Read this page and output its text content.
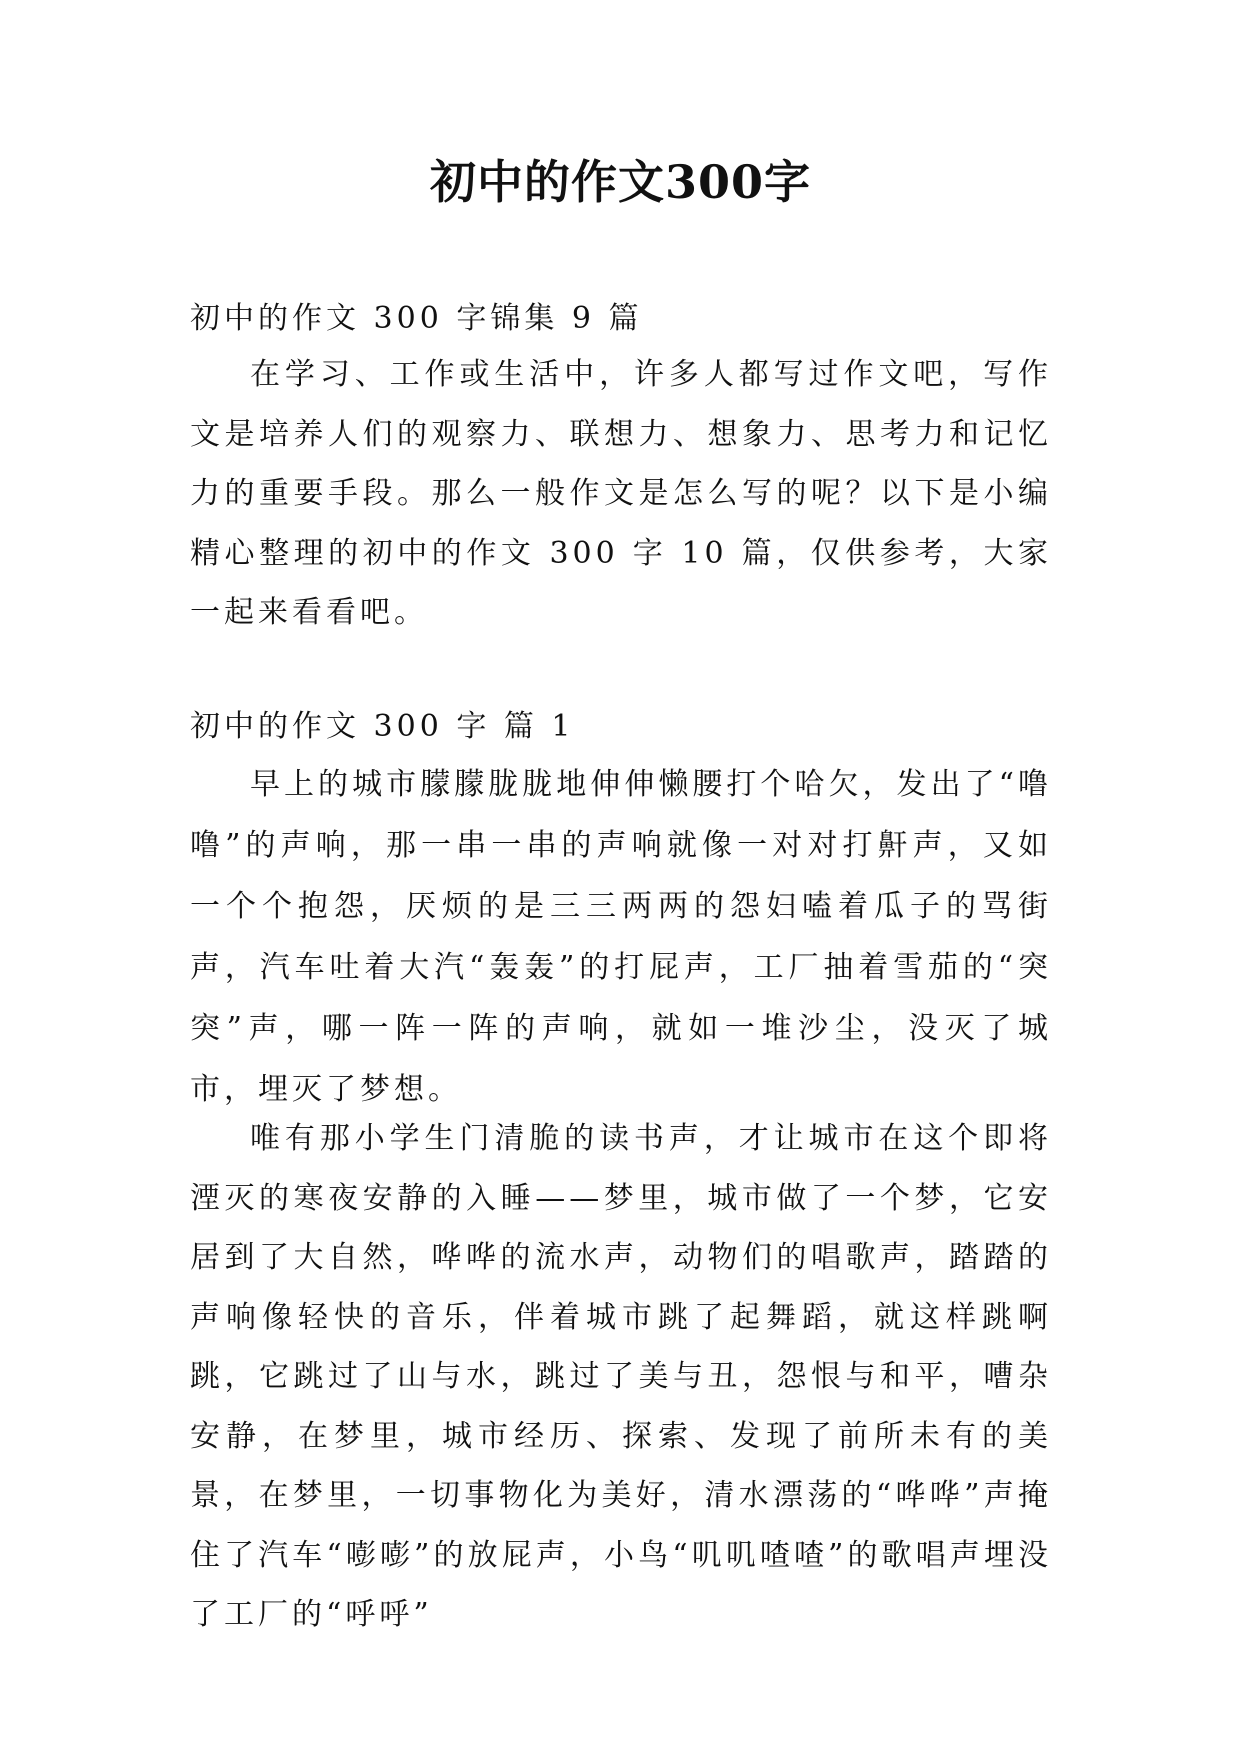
初中的作文300字

初中的作文 300 字锦集 9 篇

在学习、工作或生活中，许多人都写过作文吧，写作文是培养人们的观察力、联想力、想象力、思考力和记忆力的重要手段。那么一般作文是怎么写的呢？以下是小编精心整理的初中的作文 300 字 10 篇，仅供参考，大家一起来看看吧。

初中的作文 300 字 篇 1

早上的城市朦朦胧胧地伸伸懒腰打个哈欠，发出了“噜噜”的声响，那一串一串的声响就像一对对打鼾声，又如一个个抱怨，厌烦的是三三两两的怨妇嗑着瓜子的骂街声，汽车吐着大汽“轰轰”的打屁声，工厂抽着雪茄的“突突”声，哪一阵一阵的声响，就如一堆沙尘，没灭了城市，埋灭了梦想。

唯有那小学生门清脆的读书声，才让城市在这个即将湮灭的寒夜安静的入睡——梦里，城市做了一个梦，它安居到了大自然，哗哗的流水声，动物们的唱歌声，踏踏的声响像轻快的音乐，伴着城市跳了起舞蹈，就这样跳啊跳，它跳过了山与水，跳过了美与丑，怨恨与和平，嘈杂安静，在梦里，城市经历、探索、发现了前所未有的美景，在梦里，一切事物化为美好，清水漂荡的“哗哗”声掩住了汽车“嘭嘭”的放屁声，小鸟“叽叽喳喳”的歌唱声埋没了工厂的“呼呼”
